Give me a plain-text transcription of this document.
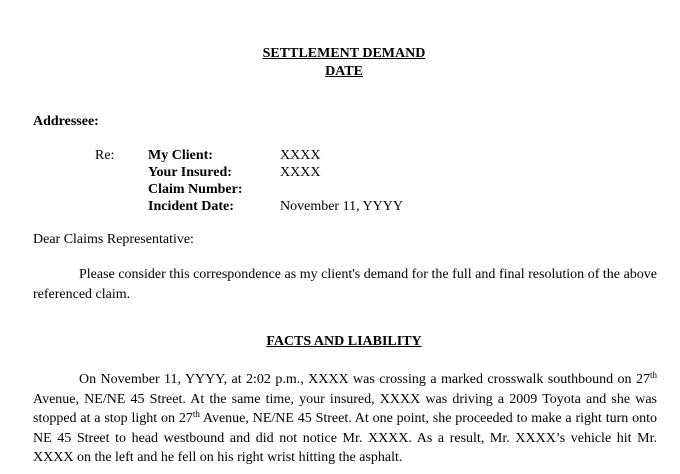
SETTLEMENT DEMAND
DATE
Addressee:
Re: My Client:	XXXX
Your Insured:	XXXX
Claim Number:
Incident Date:	November 11, YYYY
Dear Claims Representative:

Please consider this correspondence as my client's demand for the full and final resolution of the above referenced claim.

FACTS AND LIABILITY

On November 11, YYYY, at 2:02 p.m., XXXX was crossing a marked crosswalk southbound on 27th Avenue, NE/NE 45 Street. At the same time, your insured, XXXX was driving a 2009 Toyota and she was stopped at a stop light on 27th Avenue, NE/NE 45 Street. At one point, she proceeded to make a right turn onto NE 45 Street to head westbound and did not notice Mr. XXXX. As a result, Mr. XXXX’s vehicle hit Mr. XXXX on the left and he fell on his right wrist hitting the asphalt.
